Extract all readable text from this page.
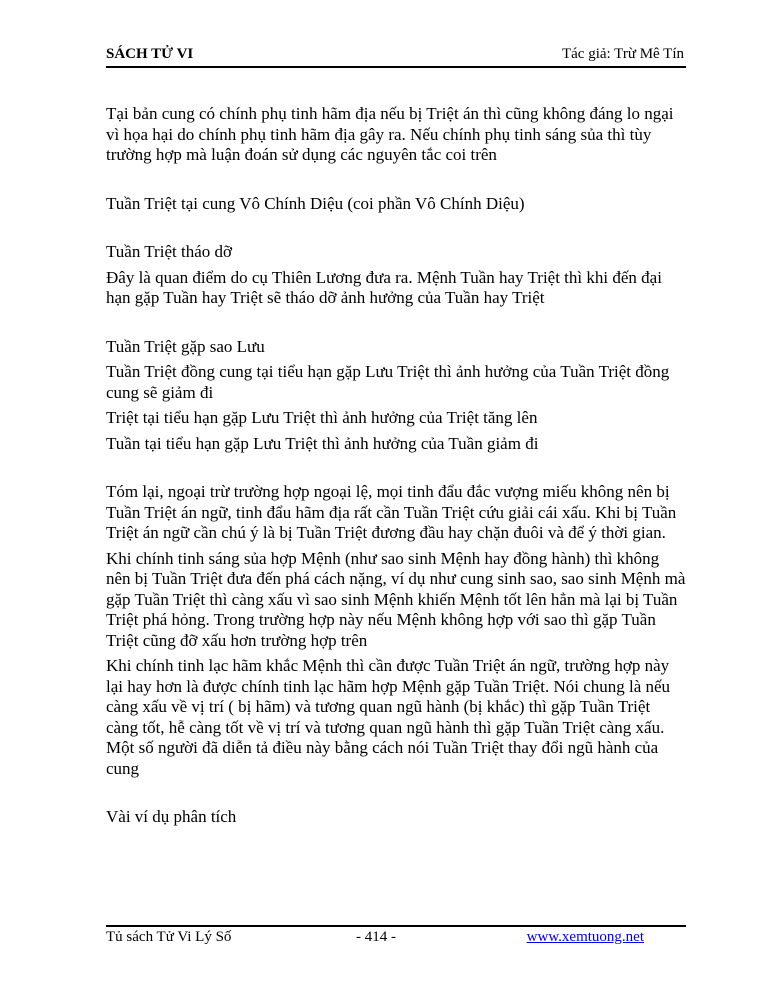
SÁCH TỬ VI	Tác giả: Trừ Mê Tín

Tại bản cung có chính phụ tinh hãm địa nếu bị Triệt án thì cũng không đáng lo ngại vì họa hại do chính phụ tinh hãm địa gây ra. Nếu chính phụ tinh sáng sủa thì tùy trường hợp mà luận đoán sử dụng các nguyên tắc coi trên

Tuần Triệt tại cung Vô Chính Diệu (coi phần Vô Chính Diệu)

Tuần Triệt tháo dỡ

Đây là quan điểm do cụ Thiên Lương đưa ra. Mệnh Tuần hay Triệt thì khi đến đại hạn gặp Tuần hay Triệt sẽ tháo dỡ ảnh hưởng của Tuần hay Triệt

Tuần Triệt gặp sao Lưu

Tuần Triệt đồng cung tại tiểu hạn gặp Lưu Triệt thì ảnh hưởng của Tuần Triệt đồng cung sẽ giảm đi

Triệt tại tiểu hạn gặp Lưu Triệt thì ảnh hưởng của Triệt tăng lên

Tuần tại tiểu hạn gặp Lưu Triệt thì ảnh hưởng của Tuần giảm đi

Tóm lại, ngoại trừ trường hợp ngoại lệ, mọi tinh đẩu đắc vượng miếu không nên bị Tuần Triệt án ngữ, tinh đẩu hãm địa rất cần Tuần Triệt cứu giải cái xấu. Khi bị Tuần Triệt án ngữ cần chú ý là bị Tuần Triệt đương đầu hay chặn đuôi và để ý thời gian.

Khi chính tinh sáng sủa hợp Mệnh (như sao sinh Mệnh hay đồng hành) thì không nên bị Tuần Triệt đưa đến phá cách nặng, ví dụ như cung sinh sao, sao sinh Mệnh mà gặp Tuần Triệt thì càng xấu vì sao sinh Mệnh khiến Mệnh tốt lên hẳn mà lại bị Tuần Triệt phá hỏng. Trong trường hợp này nếu Mệnh không hợp với sao thì gặp Tuần Triệt cũng đỡ xấu hơn trường hợp trên

Khi chính tinh lạc hãm khắc Mệnh thì cần được Tuần Triệt án ngữ, trường hợp này lại hay hơn là được chính tinh lạc hãm hợp Mệnh gặp Tuần Triệt. Nói chung là nếu càng xấu về vị trí ( bị hãm) và tương quan ngũ hành (bị khắc) thì gặp Tuần Triệt càng tốt, hễ càng tốt về vị trí và tương quan ngũ hành thì gặp Tuần Triệt càng xấu. Một số người đã diễn tả điều này bằng cách nói Tuần Triệt thay đổi ngũ hành của cung

Vài ví dụ phân tích

Tủ sách Tử Vi Lý Số	- 414 -	www.xemtuong.net
